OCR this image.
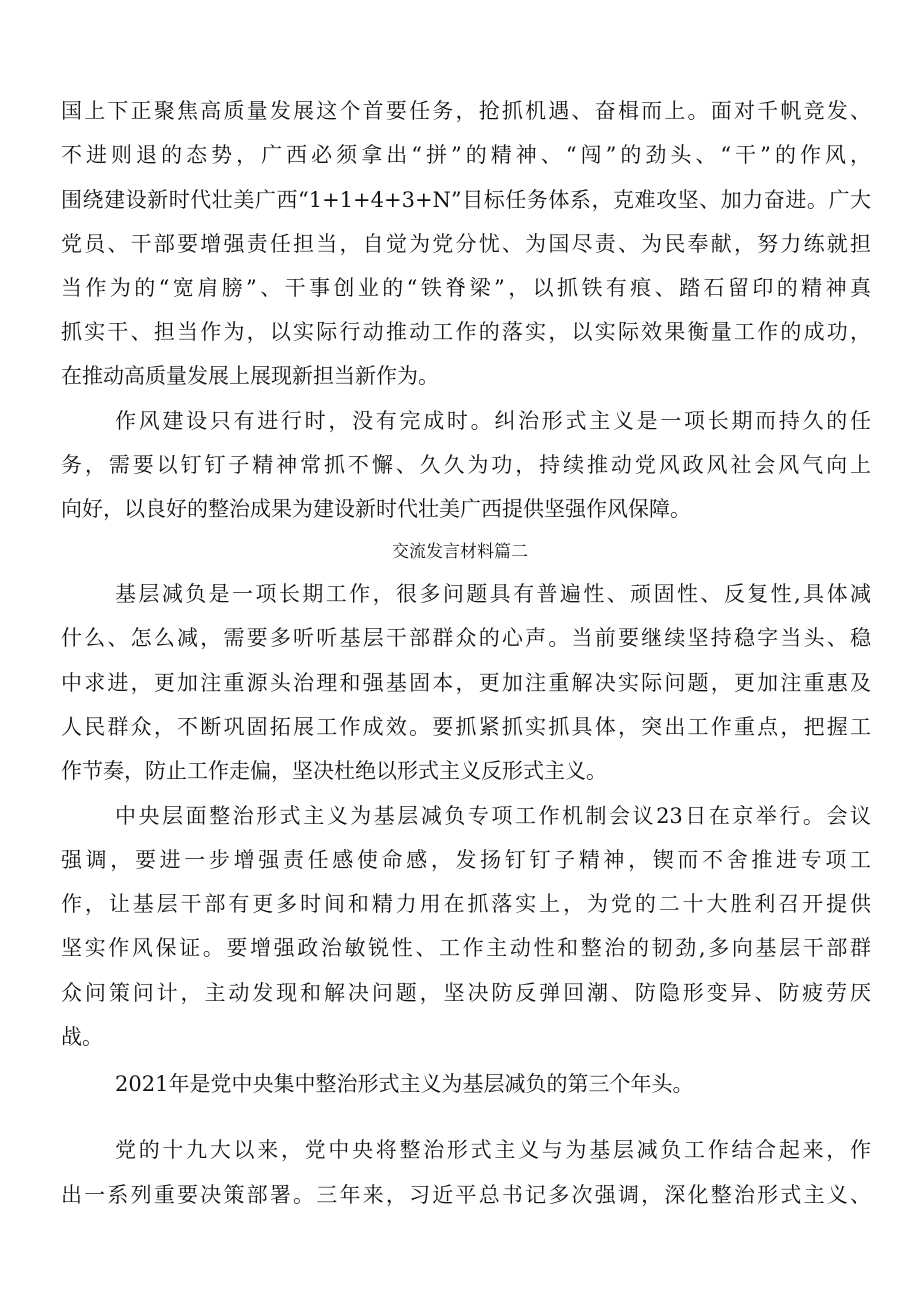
国上下正聚焦高质量发展这个首要任务，抢抓机遇、奋楫而上。面对千帆竞发、
不进则退的态势，广西必须拿出“拼”的精神、“闯”的劲头、“干”的作风，
围绕建设新时代壮美广西“1+1+4+3+N”目标任务体系，克难攻坚、加力奋进。广大
党员、干部要增强责任担当，自觉为党分忧、为国尽责、为民奉献，努力练就担
当作为的“宽肩膀”、干事创业的“铁脊梁”，以抓铁有痕、踏石留印的精神真
抓实干、担当作为，以实际行动推动工作的落实，以实际效果衡量工作的成功，
在推动高质量发展上展现新担当新作为。
作风建设只有进行时，没有完成时。纠治形式主义是一项长期而持久的任
务，需要以钉钉子精神常抓不懈、久久为功，持续推动党风政风社会风气向上
向好，以良好的整治成果为建设新时代壮美广西提供坚强作风保障。
交流发言材料篇二
基层减负是一项长期工作，很多问题具有普遍性、顽固性、反复性,具体减
什么、怎么减，需要多听听基层干部群众的心声。当前要继续坚持稳字当头、稳
中求进，更加注重源头治理和强基固本，更加注重解决实际问题，更加注重惠及
人民群众，不断巩固拓展工作成效。要抓紧抓实抓具体，突出工作重点，把握工
作节奏，防止工作走偏，坚决杜绝以形式主义反形式主义。
中央层面整治形式主义为基层减负专项工作机制会议23日在京举行。会议
强调，要进一步增强责任感使命感，发扬钉钉子精神，锲而不舍推进专项工
作，让基层干部有更多时间和精力用在抓落实上，为党的二十大胜利召开提供
坚实作风保证。要增强政治敏锐性、工作主动性和整治的韧劲,多向基层干部群
众问策问计，主动发现和解决问题，坚决防反弹回潮、防隐形变异、防疲劳厌
战。
2021年是党中央集中整治形式主义为基层减负的第三个年头。
党的十九大以来，党中央将整治形式主义与为基层减负工作结合起来，作
出一系列重要决策部署。三年来，习近平总书记多次强调，深化整治形式主义、
